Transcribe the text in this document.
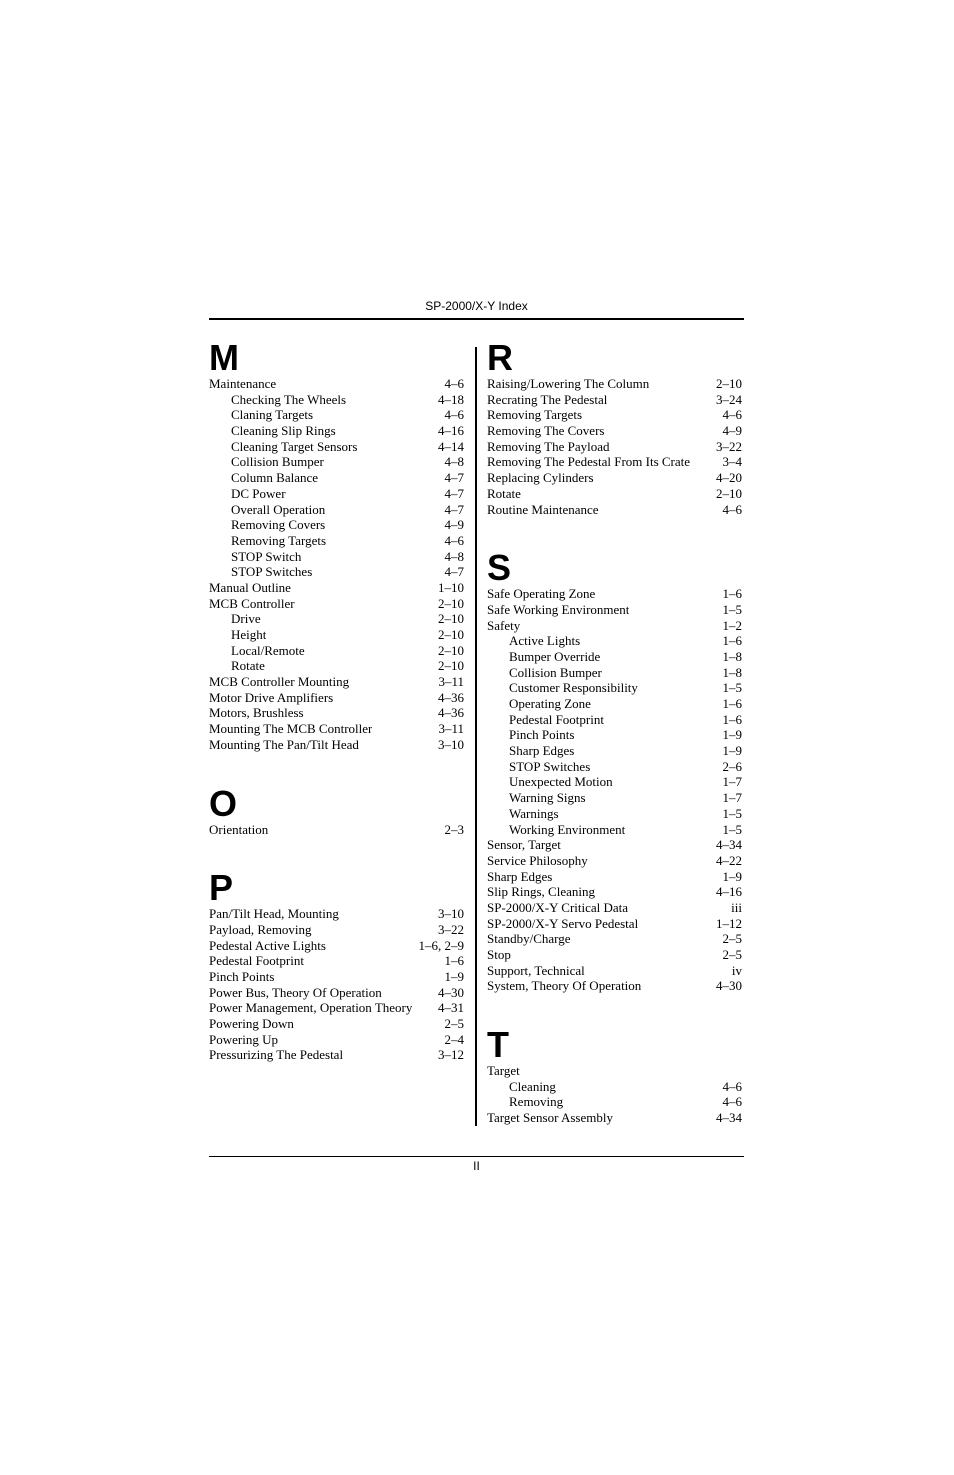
SP-2000/X-Y Index
M
Maintenance	4–6
Checking The Wheels	4–18
Claning Targets	4–6
Cleaning Slip Rings	4–16
Cleaning Target Sensors	4–14
Collision Bumper	4–8
Column Balance	4–7
DC Power	4–7
Overall Operation	4–7
Removing Covers	4–9
Removing Targets	4–6
STOP Switch	4–8
STOP Switches	4–7
Manual Outline	1–10
MCB Controller	2–10
Drive	2–10
Height	2–10
Local/Remote	2–10
Rotate	2–10
MCB Controller Mounting	3–11
Motor Drive Amplifiers	4–36
Motors, Brushless	4–36
Mounting The MCB Controller	3–11
Mounting The Pan/Tilt Head	3–10
O
Orientation	2–3
P
Pan/Tilt Head, Mounting	3–10
Payload, Removing	3–22
Pedestal Active Lights	1–6, 2–9
Pedestal Footprint	1–6
Pinch Points	1–9
Power Bus, Theory Of Operation	4–30
Power Management, Operation Theory	4–31
Powering Down	2–5
Powering Up	2–4
Pressurizing The Pedestal	3–12
R
Raising/Lowering The Column	2–10
Recrating The Pedestal	3–24
Removing Targets	4–6
Removing The Covers	4–9
Removing The Payload	3–22
Removing The Pedestal From Its Crate	3–4
Replacing Cylinders	4–20
Rotate	2–10
Routine Maintenance	4–6
S
Safe Operating Zone	1–6
Safe Working Environment	1–5
Safety	1–2
Active Lights	1–6
Bumper Override	1–8
Collision Bumper	1–8
Customer Responsibility	1–5
Operating Zone	1–6
Pedestal Footprint	1–6
Pinch Points	1–9
Sharp Edges	1–9
STOP Switches	2–6
Unexpected Motion	1–7
Warning Signs	1–7
Warnings	1–5
Working Environment	1–5
Sensor, Target	4–34
Service Philosophy	4–22
Sharp Edges	1–9
Slip Rings, Cleaning	4–16
SP-2000/X-Y Critical Data	iii
SP-2000/X-Y Servo Pedestal	1–12
Standby/Charge	2–5
Stop	2–5
Support, Technical	iv
System, Theory Of Operation	4–30
T
Target
Cleaning	4–6
Removing	4–6
Target Sensor Assembly	4–34
II
